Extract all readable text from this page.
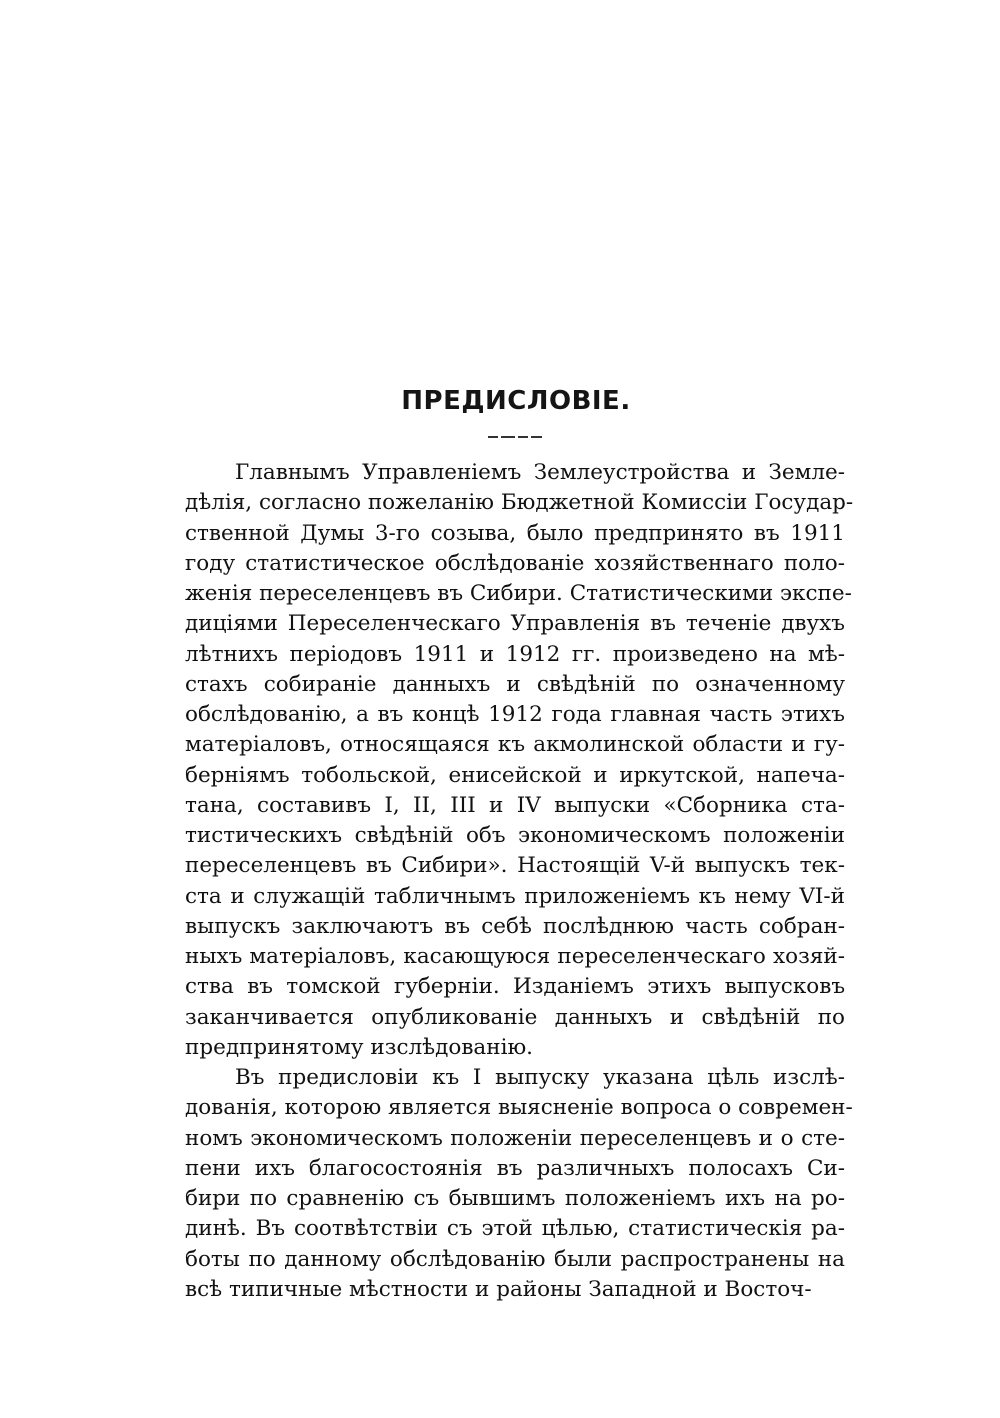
ПРЕДИСЛОВІЕ.
Главнымъ Управленіемъ Землеустройства и Земле-
дѣлія, согласно пожеланію Бюджетной Комиссіи Государ-
ственной Думы 3-го созыва, было предпринято въ 1911
году статистическое обслѣдованіе хозяйственнаго поло-
женія переселенцевъ въ Сибири. Статистическими экспе-
диціями Переселенческаго Управленія въ теченіе двухъ
лѣтнихъ періодовъ 1911 и 1912 гг. произведено на мѣ-
стахъ собираніе данныхъ и свѣдѣній по означенному
обслѣдованію, а въ концѣ 1912 года главная часть этихъ
матеріаловъ, относящаяся къ акмолинской области и гу-
берніямъ тобольской, енисейской и иркутской, напеча-
тана, составивъ I, II, III и IV выпуски «Сборника ста-
тистическихъ свѣдѣній объ экономическомъ положеніи
переселенцевъ въ Сибири». Настоящій V-й выпускъ тек-
ста и служащій табличнымъ приложеніемъ къ нему VI-й
выпускъ заключаютъ въ себѣ послѣднюю часть собран-
ныхъ матеріаловъ, касающуюся переселенческаго хозяй-
ства въ томской губерніи. Изданіемъ этихъ выпусковъ
заканчивается опубликованіе данныхъ и свѣдѣній по
предпринятому изслѣдованію.
Въ предисловіи къ I выпуску указана цѣль изслѣ-
дованія, которою является выясненіе вопроса о современ-
номъ экономическомъ положеніи переселенцевъ и о сте-
пени ихъ благосостоянія въ различныхъ полосахъ Си-
бири по сравненію съ бывшимъ положеніемъ ихъ на ро-
динѣ. Въ соотвѣтствіи съ этой цѣлью, статистическія ра-
боты по данному обслѣдованію были распространены на
всѣ типичные мѣстности и районы Западной и Восточ-
